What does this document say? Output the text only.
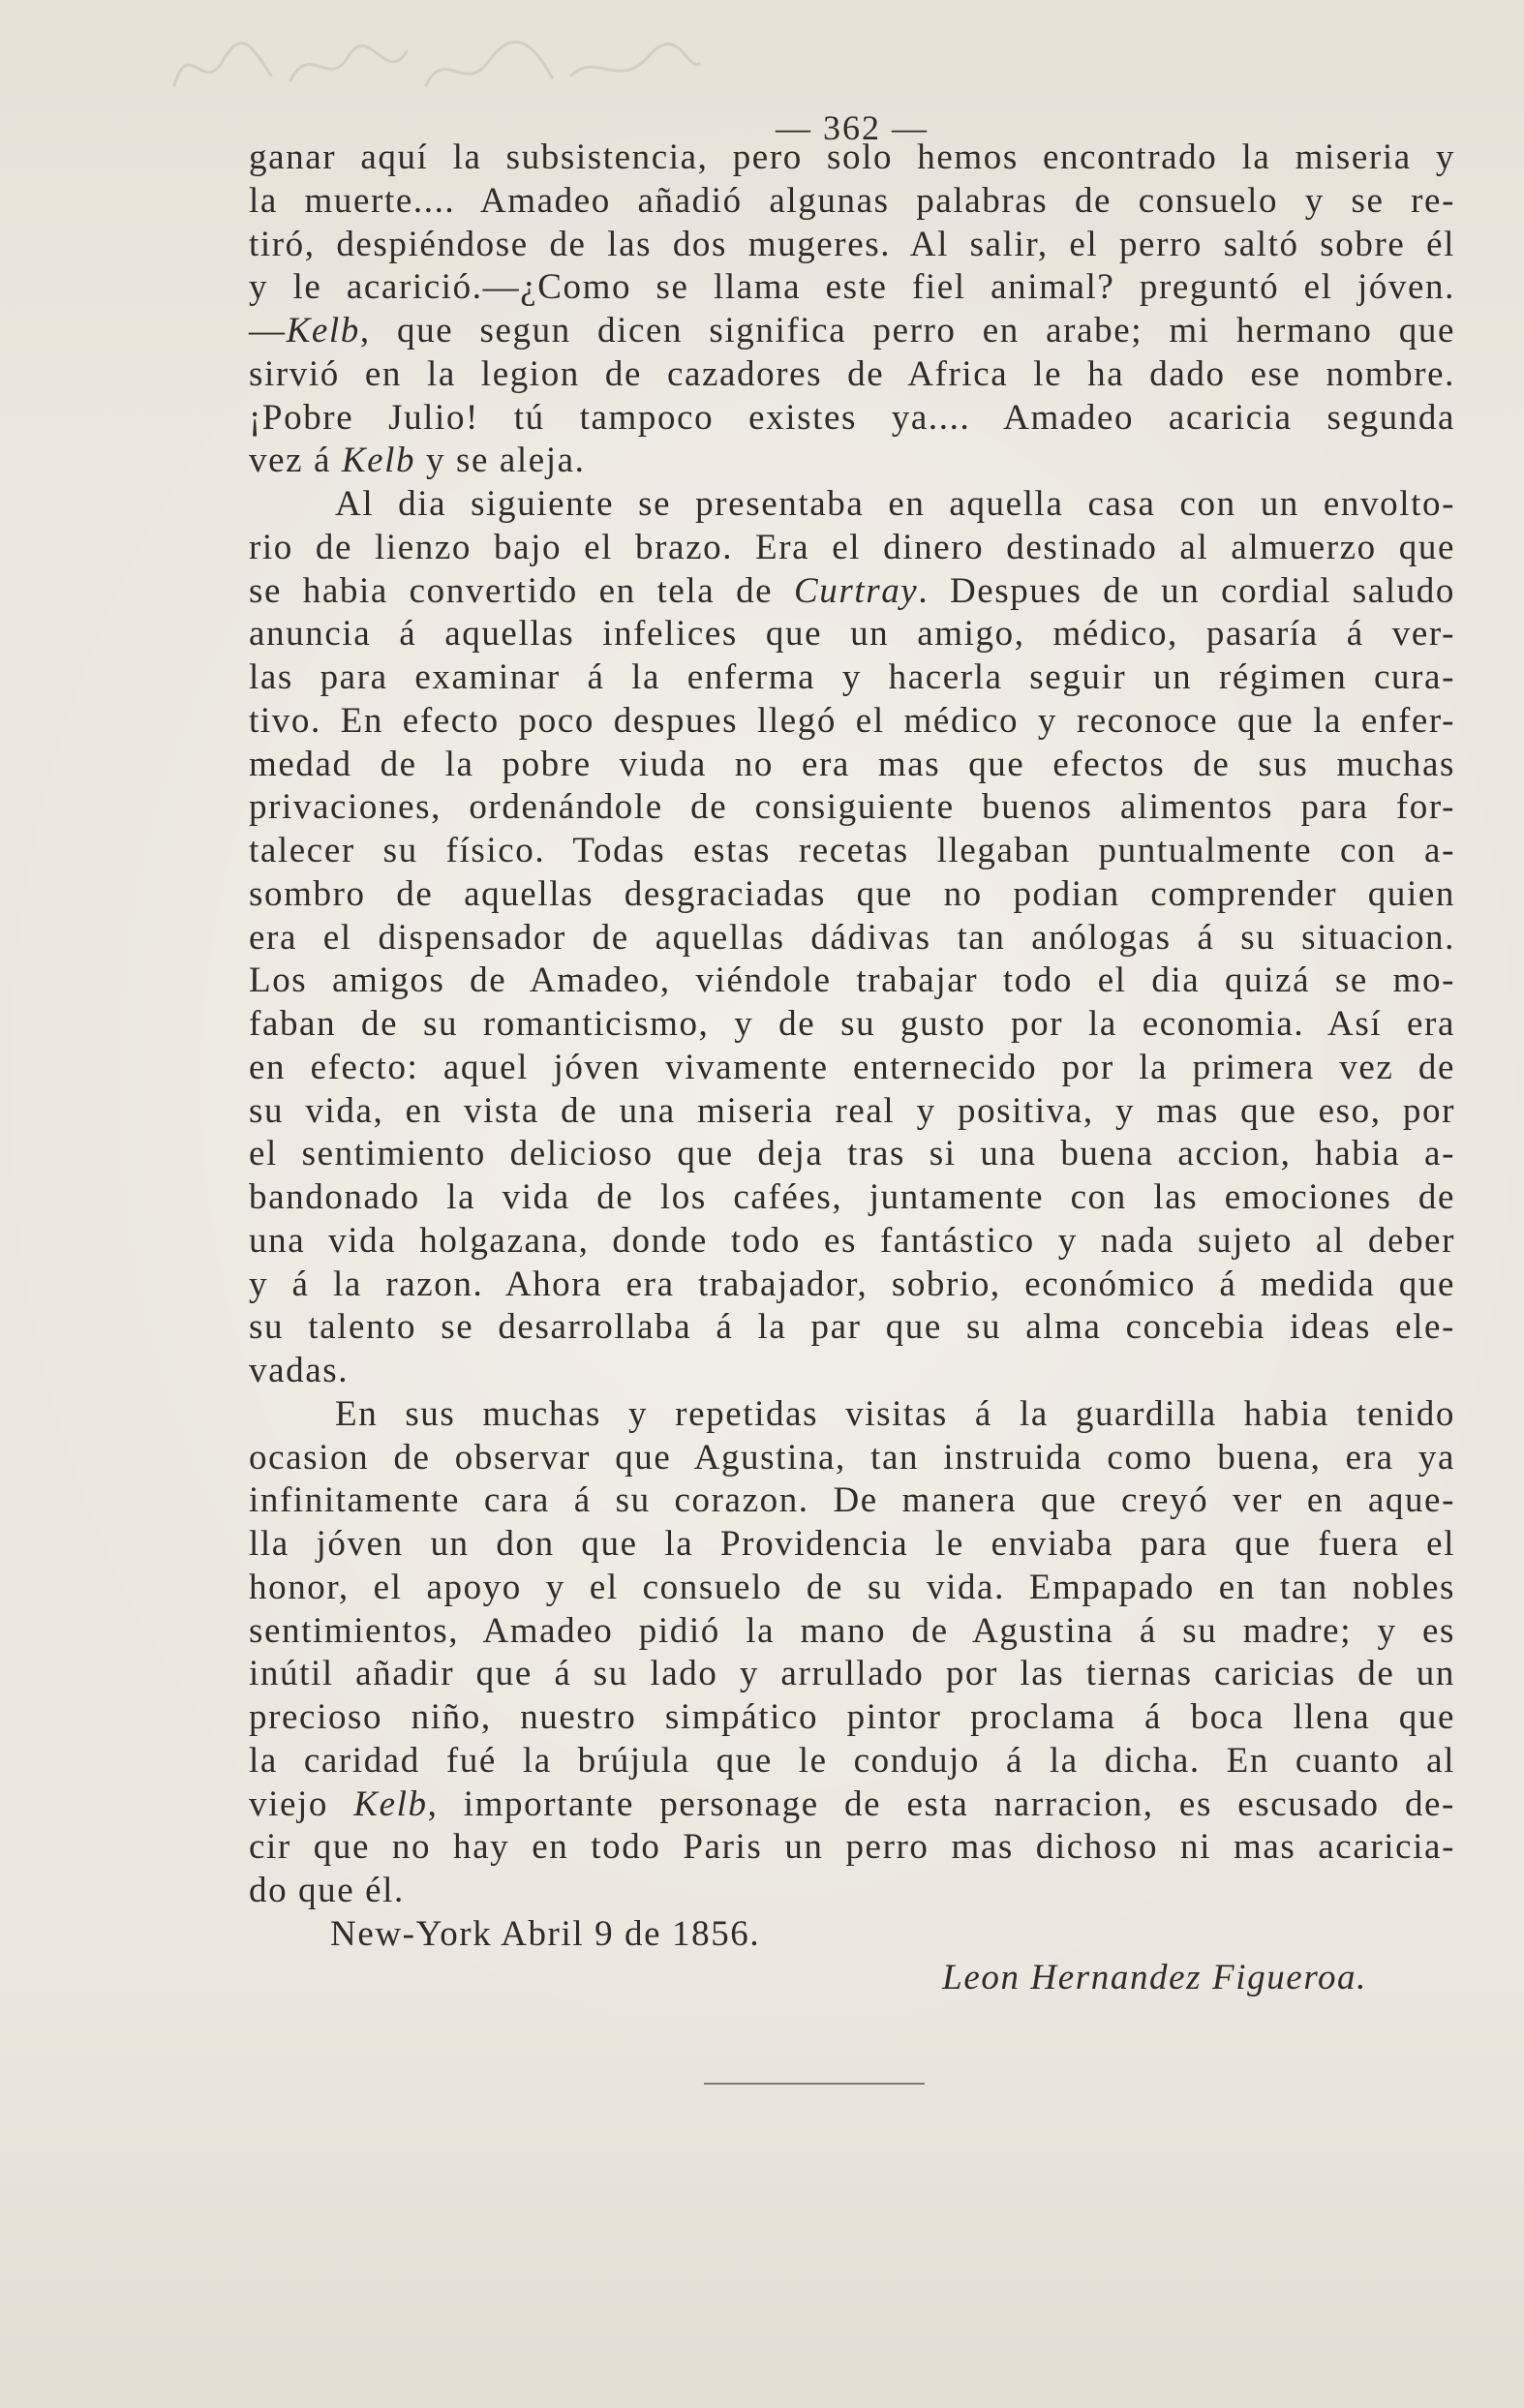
— 362 —
ganar aquí la subsistencia, pero solo hemos encontrado la miseria y
la muerte.... Amadeo añadió algunas palabras de consuelo y se re-
tiró, despiéndose de las dos mugeres. Al salir, el perro saltó sobre él
y le acarició.—¿Como se llama este fiel animal? preguntó el jóven.
—Kelb, que segun dicen significa perro en arabe; mi hermano que
sirvió en la legion de cazadores de Africa le ha dado ese nombre.
¡Pobre Julio! tú tampoco existes ya.... Amadeo acaricia segunda
vez á Kelb y se aleja.
Al dia siguiente se presentaba en aquella casa con un envolto-
rio de lienzo bajo el brazo. Era el dinero destinado al almuerzo que
se habia convertido en tela de Curtray. Despues de un cordial saludo
anuncia á aquellas infelices que un amigo, médico, pasaría á ver-
las para examinar á la enferma y hacerla seguir un régimen cura-
tivo. En efecto poco despues llegó el médico y reconoce que la enfer-
medad de la pobre viuda no era mas que efectos de sus muchas
privaciones, ordenándole de consiguiente buenos alimentos para for-
talecer su físico. Todas estas recetas llegaban puntualmente con a-
sombro de aquellas desgraciadas que no podian comprender quien
era el dispensador de aquellas dádivas tan anólogas á su situacion.
Los amigos de Amadeo, viéndole trabajar todo el dia quizá se mo-
faban de su romanticismo, y de su gusto por la economia. Así era
en efecto: aquel jóven vivamente enternecido por la primera vez de
su vida, en vista de una miseria real y positiva, y mas que eso, por
el sentimiento delicioso que deja tras si una buena accion, habia a-
bandonado la vida de los cafées, juntamente con las emociones de
una vida holgazana, donde todo es fantástico y nada sujeto al deber
y á la razon. Ahora era trabajador, sobrio, económico á medida que
su talento se desarrollaba á la par que su alma concebia ideas ele-
vadas.
En sus muchas y repetidas visitas á la guardilla habia tenido
ocasion de observar que Agustina, tan instruida como buena, era ya
infinitamente cara á su corazon. De manera que creyó ver en aque-
lla jóven un don que la Providencia le enviaba para que fuera el
honor, el apoyo y el consuelo de su vida. Empapado en tan nobles
sentimientos, Amadeo pidió la mano de Agustina á su madre; y es
inútil añadir que á su lado y arrullado por las tiernas caricias de un
precioso niño, nuestro simpático pintor proclama á boca llena que
la caridad fué la brújula que le condujo á la dicha. En cuanto al
viejo Kelb, importante personage de esta narracion, es escusado de-
cir que no hay en todo Paris un perro mas dichoso ni mas acaricia-
do que él.
New-York Abril 9 de 1856.
Leon Hernandez Figueroa.
